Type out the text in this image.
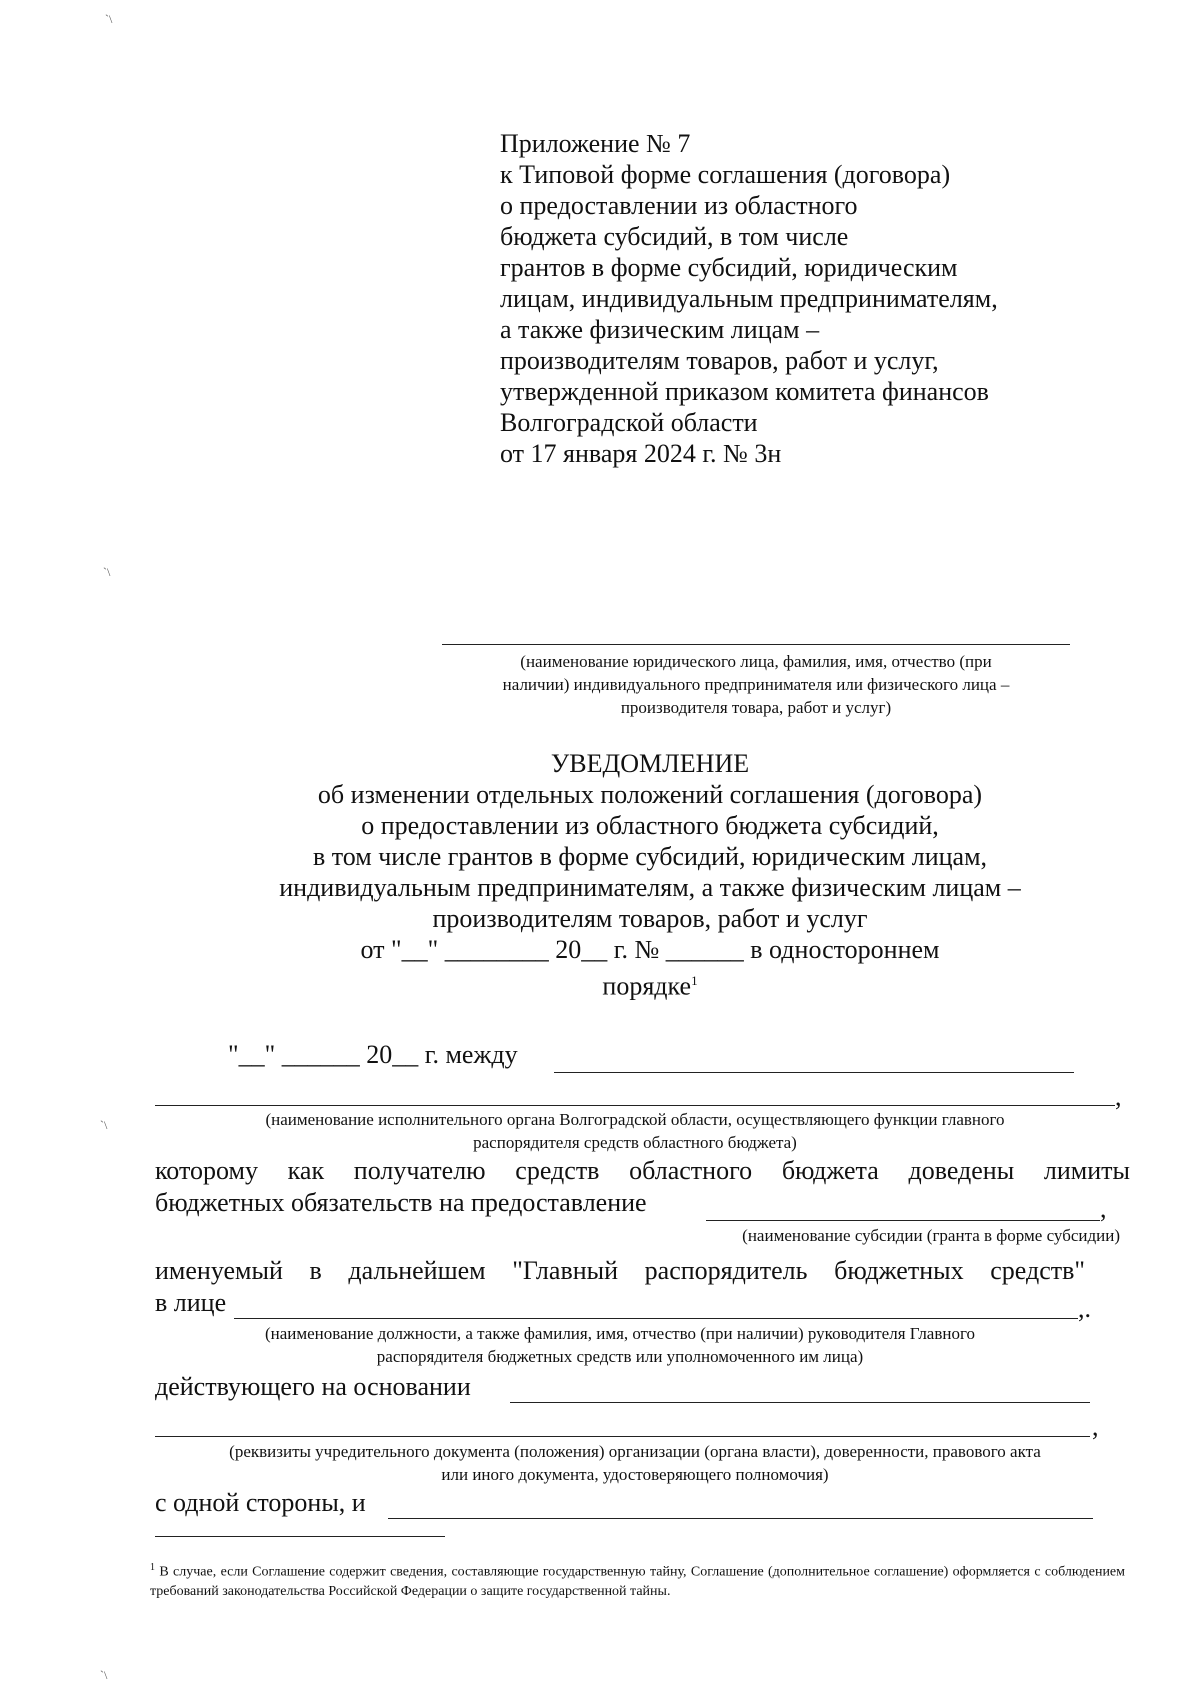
`\
`\
`\
`\
Приложение № 7
к Типовой форме соглашения (договора)
о предоставлении из областного
бюджета субсидий, в том числе
грантов в форме субсидий, юридическим
лицам, индивидуальным предпринимателям,
а также физическим лицам –
производителям товаров, работ и услуг,
утвержденной приказом комитета финансов
Волгоградской области
от 17 января 2024 г. № 3н
(наименование юридического лица, фамилия, имя, отчество (при
наличии) индивидуального предпринимателя или физического лица –
производителя товара, работ и услуг)
УВЕДОМЛЕНИЕ
об изменении отдельных положений соглашения (договора)
о предоставлении из областного бюджета субсидий,
в том числе грантов в форме субсидий, юридическим лицам,
индивидуальным предпринимателям, а также физическим лицам –
производителям товаров, работ и услуг
от "__" ________ 20__ г. № ______ в одностороннем
порядке$^1$
"__" ______ 20__ г. между
,
(наименование исполнительного органа Волгоградской области, осуществляющего функции главного
распорядителя средств областного бюджета)
которому как получателю средств областного бюджета доведены лимиты
бюджетных обязательств на предоставление	,
(наименование субсидии (гранта в форме субсидии)
именуемый в дальнейшем "Главный распорядитель бюджетных средств"
в лице	,.
(наименование должности, а также фамилия, имя, отчество (при наличии) руководителя Главного
распорядителя бюджетных средств или уполномоченного им лица)
действующего на основании
,
(реквизиты учредительного документа (положения) организации (органа власти), доверенности, правового акта
или иного документа, удостоверяющего полномочия)
с одной стороны, и
$^1$ В случае, если Соглашение содержит сведения, составляющие государственную тайну, Соглашение (дополнительное соглашение) оформляется с соблюдением требований законодательства Российской Федерации о защите государственной тайны.
